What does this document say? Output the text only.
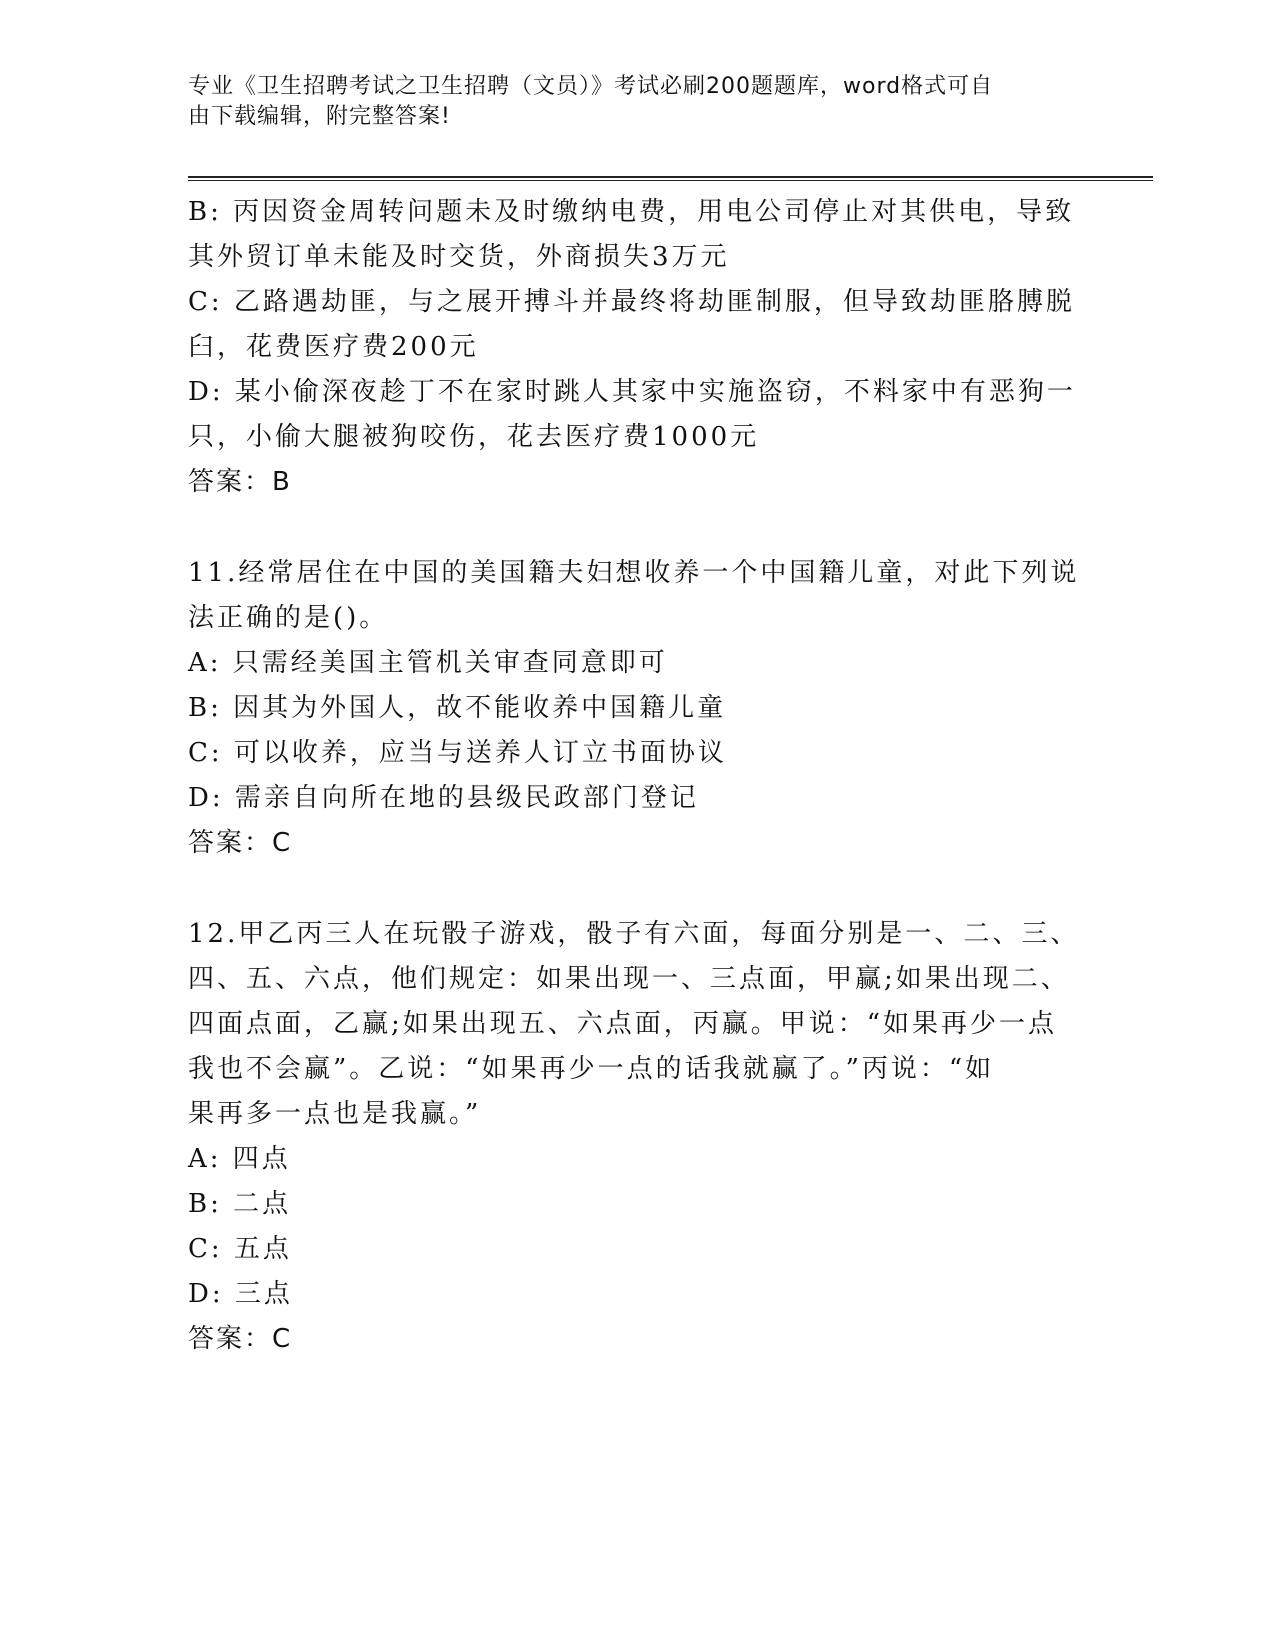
专业《卫生招聘考试之卫生招聘（文员）》考试必刷200题题库，word格式可自
由下载编辑，附完整答案!
B: 丙因资金周转问题未及时缴纳电费，用电公司停止对其供电，导致
其外贸订单未能及时交货，外商损失3万元
C: 乙路遇劫匪，与之展开搏斗并最终将劫匪制服，但导致劫匪胳膊脱
臼，花费医疗费200元
D: 某小偷深夜趁丁不在家时跳人其家中实施盗窃，不料家中有恶狗一
只，小偷大腿被狗咬伤，花去医疗费1000元
答案：B
11.经常居住在中国的美国籍夫妇想收养一个中国籍儿童，对此下列说
法正确的是()。
A: 只需经美国主管机关审查同意即可
B: 因其为外国人，故不能收养中国籍儿童
C: 可以收养，应当与送养人订立书面协议
D: 需亲自向所在地的县级民政部门登记
答案：C
12.甲乙丙三人在玩骰子游戏，骰子有六面，每面分别是一、二、三、
四、五、六点，他们规定：如果出现一、三点面，甲赢;如果出现二、
四面点面，乙赢;如果出现五、六点面，丙赢。甲说：“如果再少一点
我也不会赢”。乙说：“如果再少一点的话我就赢了。”丙说：“如
果再多一点也是我赢。”
A: 四点
B: 二点
C: 五点
D: 三点
答案：C
